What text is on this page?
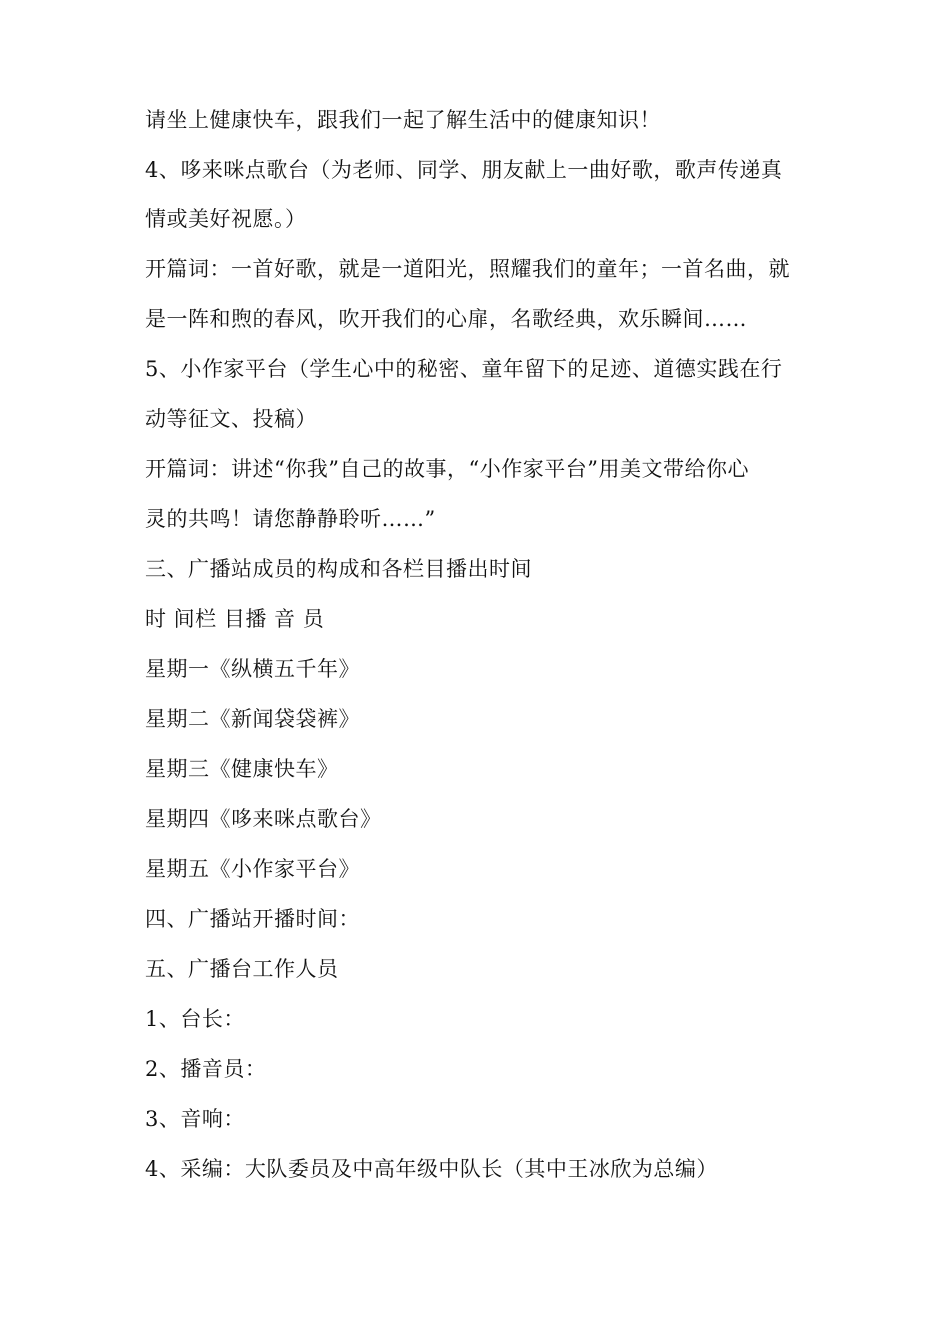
请坐上健康快车，跟我们一起了解生活中的健康知识！
4、哆来咪点歌台（为老师、同学、朋友献上一曲好歌，歌声传递真
情或美好祝愿。）
开篇词：一首好歌，就是一道阳光，照耀我们的童年；一首名曲，就
是一阵和煦的春风，吹开我们的心扉，名歌经典，欢乐瞬间……
5、小作家平台（学生心中的秘密、童年留下的足迹、道德实践在行
动等征文、投稿）
开篇词：讲述“你我”自己的故事，“小作家平台”用美文带给你心
灵的共鸣！请您静静聆听……”
三、广播站成员的构成和各栏目播出时间
时 间栏 目播 音 员
星期一《纵横五千年》
星期二《新闻袋袋裤》
星期三《健康快车》
星期四《哆来咪点歌台》
星期五《小作家平台》
四、广播站开播时间：
五、广播台工作人员
1、台长：
2、播音员：
3、音响：
4、采编：大队委员及中高年级中队长（其中王冰欣为总编）
